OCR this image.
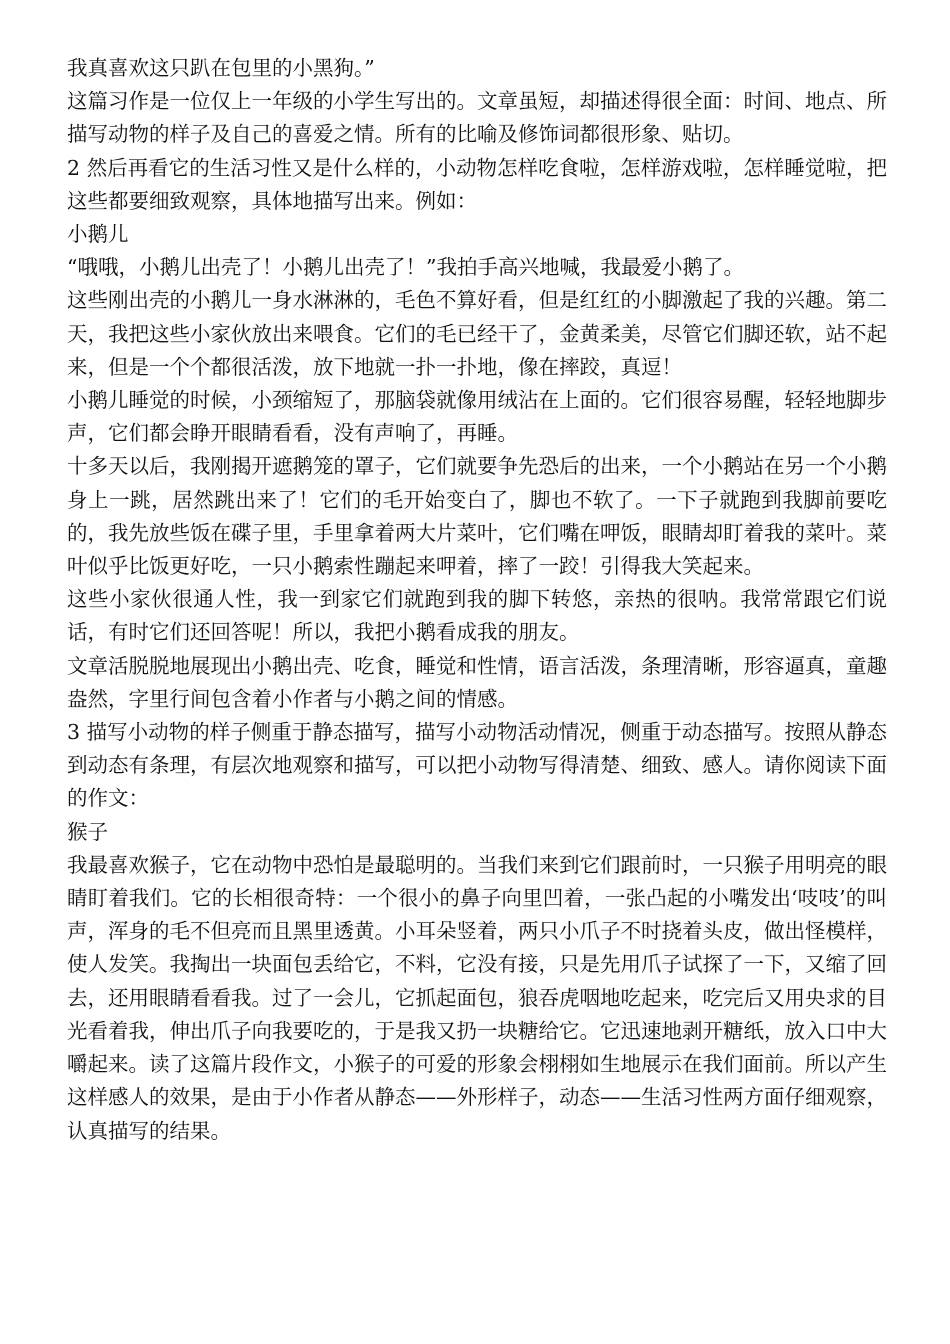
我真喜欢这只趴在包里的小黑狗。”

这篇习作是一位仅上一年级的小学生写出的。文章虽短，却描述得很全面：时间、地点、所描写动物的样子及自己的喜爱之情。所有的比喻及修饰词都很形象、贴切。

2 然后再看它的生活习性又是什么样的，小动物怎样吃食啦，怎样游戏啦，怎样睡觉啦，把这些都要细致观察，具体地描写出来。例如：

小鹅儿

“哦哦，小鹅儿出壳了！小鹅儿出壳了！”我拍手高兴地喊，我最爱小鹅了。

这些刚出壳的小鹅儿一身水淋淋的，毛色不算好看，但是红红的小脚激起了我的兴趣。第二天，我把这些小家伙放出来喂食。它们的毛已经干了，金黄柔美，尽管它们脚还软，站不起来，但是一个个都很活泼，放下地就一扑一扑地，像在摔跤，真逗！

小鹅儿睡觉的时候，小颈缩短了，那脑袋就像用绒沾在上面的。它们很容易醒，轻轻地脚步声，它们都会睁开眼睛看看，没有声响了，再睡。

十多天以后，我刚揭开遮鹅笼的罩子，它们就要争先恐后的出来，一个小鹅站在另一个小鹅身上一跳，居然跳出来了！它们的毛开始变白了，脚也不软了。一下子就跑到我脚前要吃的，我先放些饭在碟子里，手里拿着两大片菜叶，它们嘴在呷饭，眼睛却盯着我的菜叶。菜叶似乎比饭更好吃，一只小鹅索性蹦起来呷着，摔了一跤！引得我大笑起来。

这些小家伙很通人性，我一到家它们就跑到我的脚下转悠，亲热的很呐。我常常跟它们说话，有时它们还回答呢！所以，我把小鹅看成我的朋友。

文章活脱脱地展现出小鹅出壳、吃食，睡觉和性情，语言活泼，条理清晰，形容逼真，童趣盎然，字里行间包含着小作者与小鹅之间的情感。

3 描写小动物的样子侧重于静态描写，描写小动物活动情况，侧重于动态描写。按照从静态到动态有条理，有层次地观察和描写，可以把小动物写得清楚、细致、感人。请你阅读下面的作文：

猴子

我最喜欢猴子，它在动物中恐怕是最聪明的。当我们来到它们跟前时，一只猴子用明亮的眼睛盯着我们。它的长相很奇特：一个很小的鼻子向里凹着，一张凸起的小嘴发出‘吱吱’的叫声，浑身的毛不但亮而且黑里透黄。小耳朵竖着，两只小爪子不时挠着头皮，做出怪模样，使人发笑。我掏出一块面包丢给它，不料，它没有接，只是先用爪子试探了一下，又缩了回去，还用眼睛看看我。过了一会儿，它抓起面包，狼吞虎咽地吃起来，吃完后又用央求的目光看着我，伸出爪子向我要吃的，于是我又扔一块糖给它。它迅速地剥开糖纸，放入口中大嚼起来。读了这篇片段作文，小猴子的可爱的形象会栩栩如生地展示在我们面前。所以产生这样感人的效果，是由于小作者从静态——外形样子，动态——生活习性两方面仔细观察，认真描写的结果。
